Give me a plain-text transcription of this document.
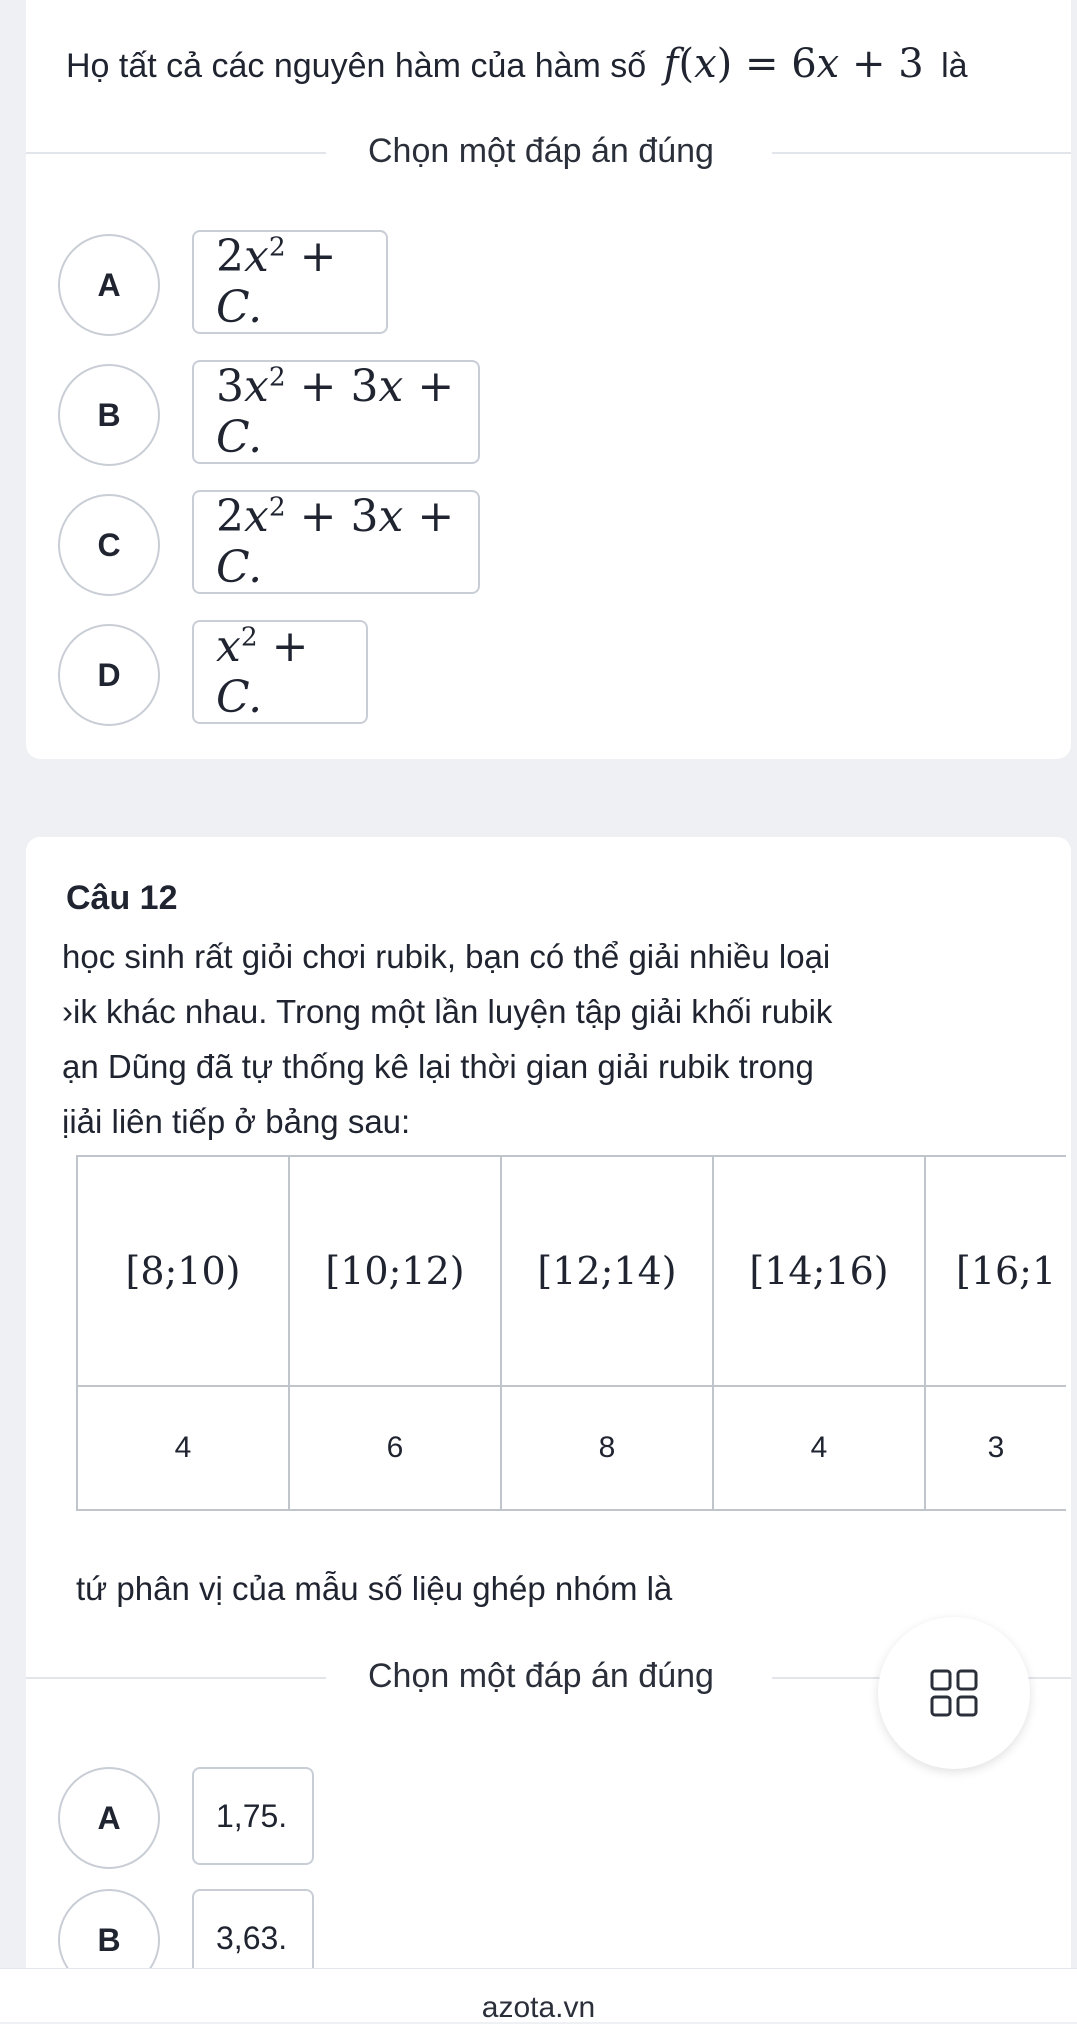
Họ tất cả các nguyên hàm của hàm số f(x) = 6x + 3 là
Chọn một đáp án đúng
A
$2x^2 + C$.
B
$3x^2 + 3x + C$.
C
$2x^2 + 3x + C$.
D
$x^2 + C$.
Câu 12
học sinh rất giỏi chơi rubik, bạn có thể giải nhiều loại
›ik khác nhau. Trong một lần luyện tập giải khối rubik
ạn Dũng đã tự thống kê lại thời gian giải rubik trong
ịiải liên tiếp ở bảng sau:
[8;10)	[10;12)	[12;14)	[14;16)	[16;1
4	6	8	4	3
tứ phân vị của mẫu số liệu ghép nhóm là
Chọn một đáp án đúng
A	1,75.
B	3,63.
azota.vn
